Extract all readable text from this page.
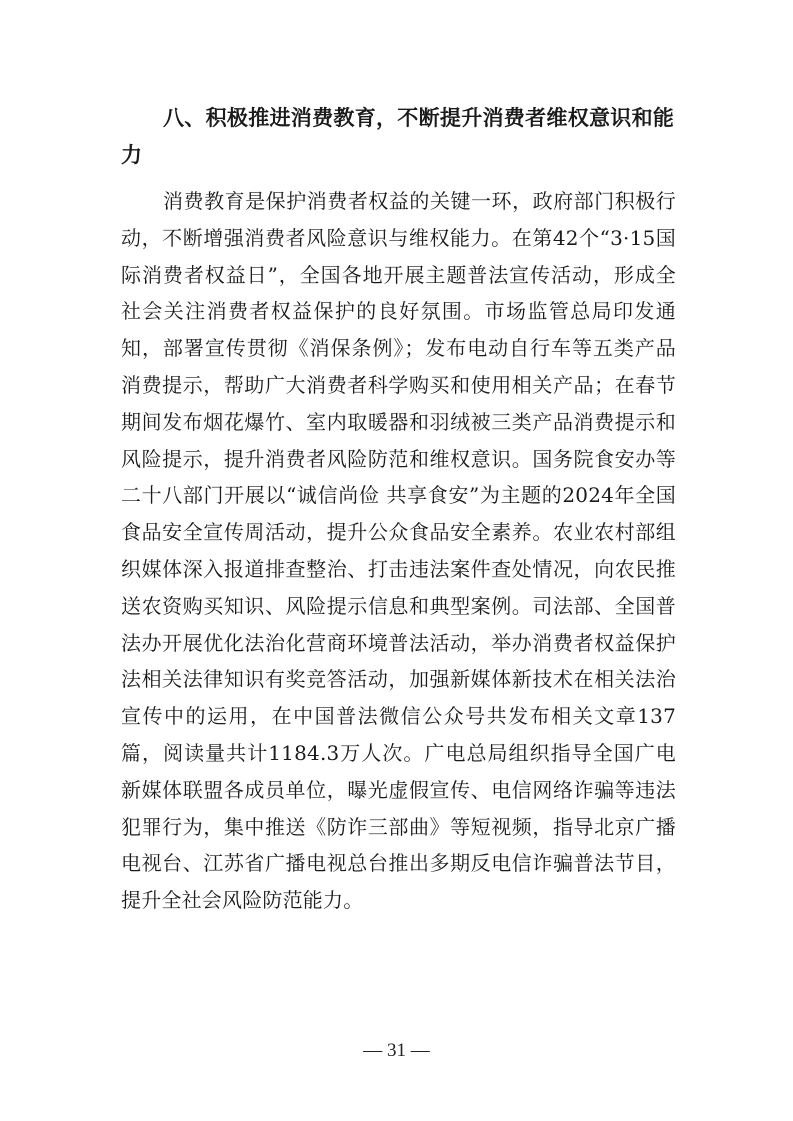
八、积极推进消费教育，不断提升消费者维权意识和能力

消费教育是保护消费者权益的关键一环，政府部门积极行动，不断增强消费者风险意识与维权能力。在第42个“3·15国际消费者权益日”，全国各地开展主题普法宣传活动，形成全社会关注消费者权益保护的良好氛围。市场监管总局印发通知，部署宣传贯彻《消保条例》；发布电动自行车等五类产品消费提示，帮助广大消费者科学购买和使用相关产品；在春节期间发布烟花爆竹、室内取暖器和羽绒被三类产品消费提示和风险提示，提升消费者风险防范和维权意识。国务院食安办等二十八部门开展以“诚信尚俭 共享食安”为主题的2024年全国食品安全宣传周活动，提升公众食品安全素养。农业农村部组织媒体深入报道排查整治、打击违法案件查处情况，向农民推送农资购买知识、风险提示信息和典型案例。司法部、全国普法办开展优化法治化营商环境普法活动，举办消费者权益保护法相关法律知识有奖竞答活动，加强新媒体新技术在相关法治宣传中的运用，在中国普法微信公众号共发布相关文章137篇，阅读量共计1184.3万人次。广电总局组织指导全国广电新媒体联盟各成员单位，曝光虚假宣传、电信网络诈骗等违法犯罪行为，集中推送《防诈三部曲》等短视频，指导北京广播电视台、江苏省广播电视总台推出多期反电信诈骗普法节目，提升全社会风险防范能力。

— 31 —
